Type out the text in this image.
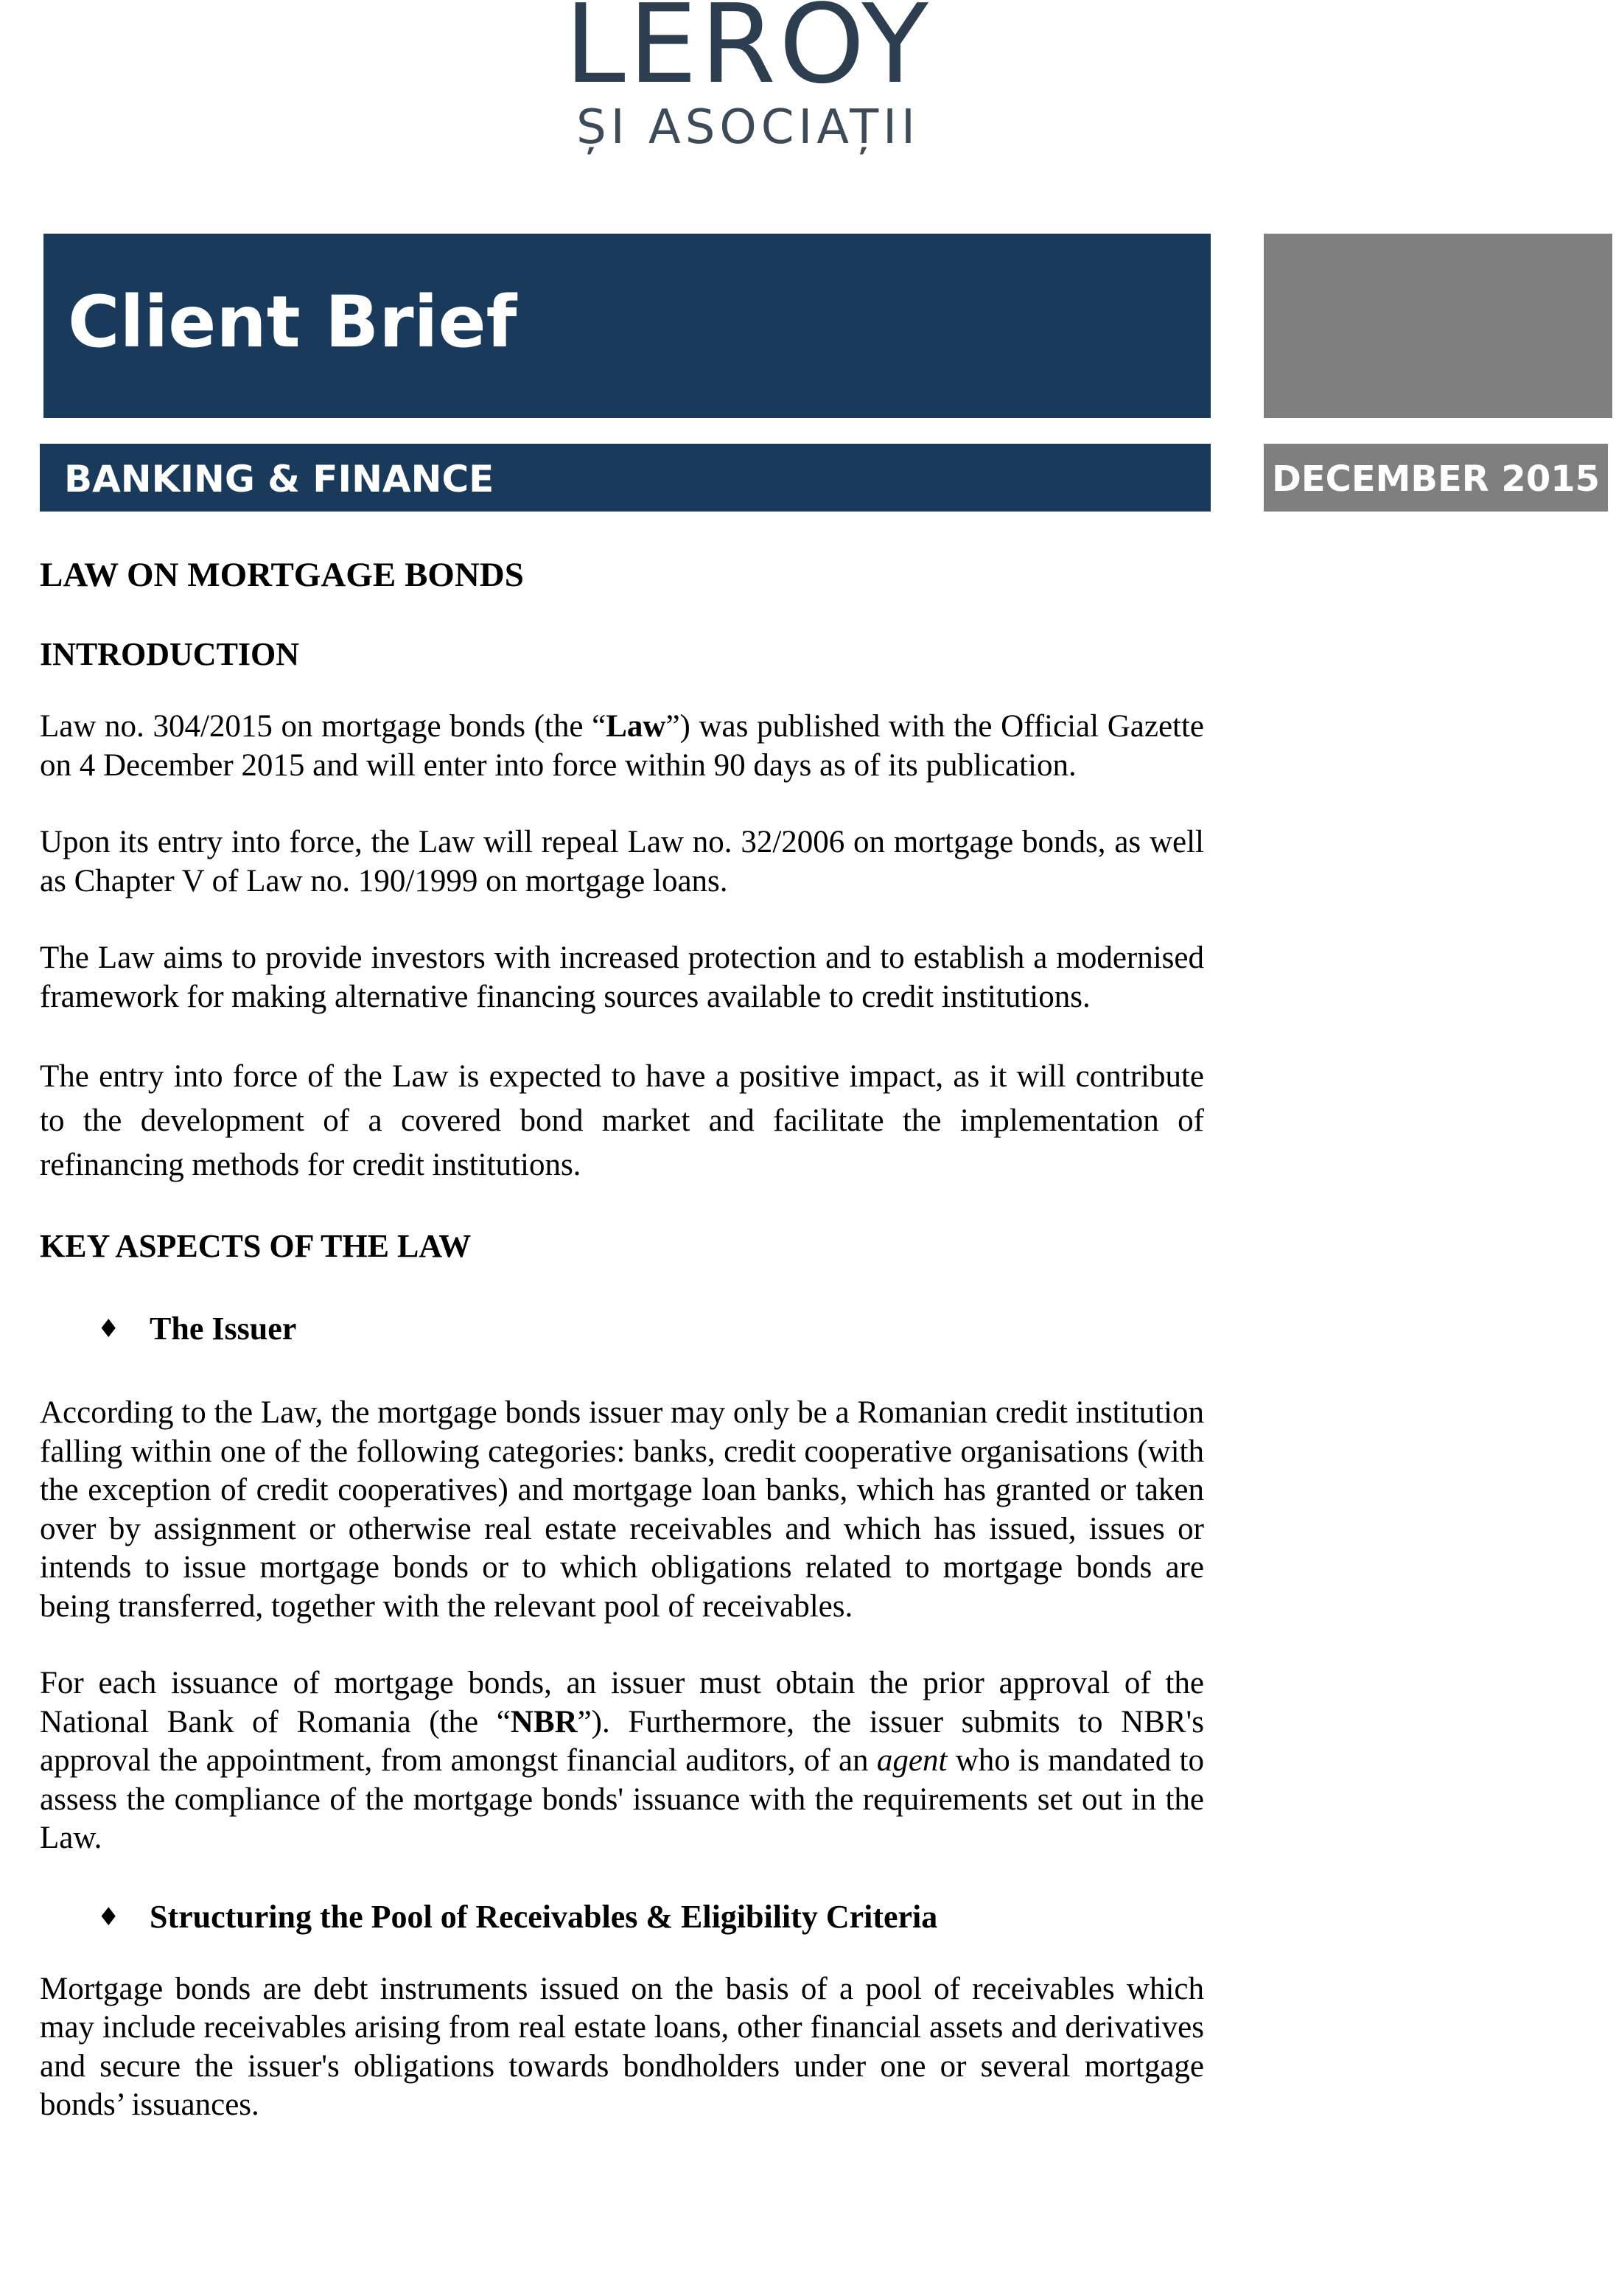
LEROY
ȘI ASOCIAȚII
Client Brief
BANKING & FINANCE	DECEMBER 2015
LAW ON MORTGAGE BONDS
INTRODUCTION

Law no. 304/2015 on mortgage bonds (the “Law”) was published with the Official Gazette on 4 December 2015 and will enter into force within 90 days as of its publication.

Upon its entry into force, the Law will repeal Law no. 32/2006 on mortgage bonds, as well as Chapter V of Law no. 190/1999 on mortgage loans.

The Law aims to provide investors with increased protection and to establish a modernised framework for making alternative financing sources available to credit institutions.

The entry into force of the Law is expected to have a positive impact, as it will contribute to the development of a covered bond market and facilitate the implementation of refinancing methods for credit institutions.

KEY ASPECTS OF THE LAW
♦ The Issuer

According to the Law, the mortgage bonds issuer may only be a Romanian credit institution falling within one of the following categories: banks, credit cooperative organisations (with the exception of credit cooperatives) and mortgage loan banks, which has granted or taken over by assignment or otherwise real estate receivables and which has issued, issues or intends to issue mortgage bonds or to which obligations related to mortgage bonds are being transferred, together with the relevant pool of receivables.

For each issuance of mortgage bonds, an issuer must obtain the prior approval of the National Bank of Romania (the “NBR”). Furthermore, the issuer submits to NBR's approval the appointment, from amongst financial auditors, of an agent who is mandated to assess the compliance of the mortgage bonds' issuance with the requirements set out in the Law.

♦ Structuring the Pool of Receivables & Eligibility Criteria

Mortgage bonds are debt instruments issued on the basis of a pool of receivables which may include receivables arising from real estate loans, other financial assets and derivatives and secure the issuer's obligations towards bondholders under one or several mortgage bonds’ issuances.
